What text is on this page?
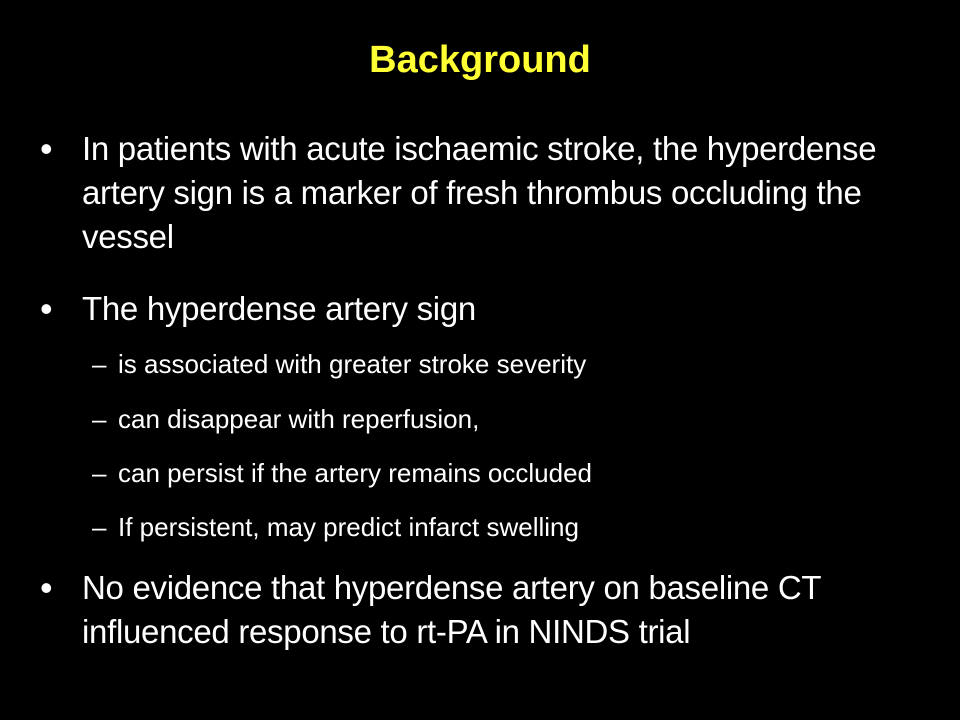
Background
• In patients with acute ischaemic stroke, the hyperdense artery sign is a marker of fresh thrombus occluding the vessel
• The hyperdense artery sign
– is associated with greater stroke severity
– can disappear with reperfusion,
– can persist if the artery remains occluded
– If persistent, may predict infarct swelling
• No evidence that hyperdense artery on baseline CT influenced response to rt-PA in NINDS trial
